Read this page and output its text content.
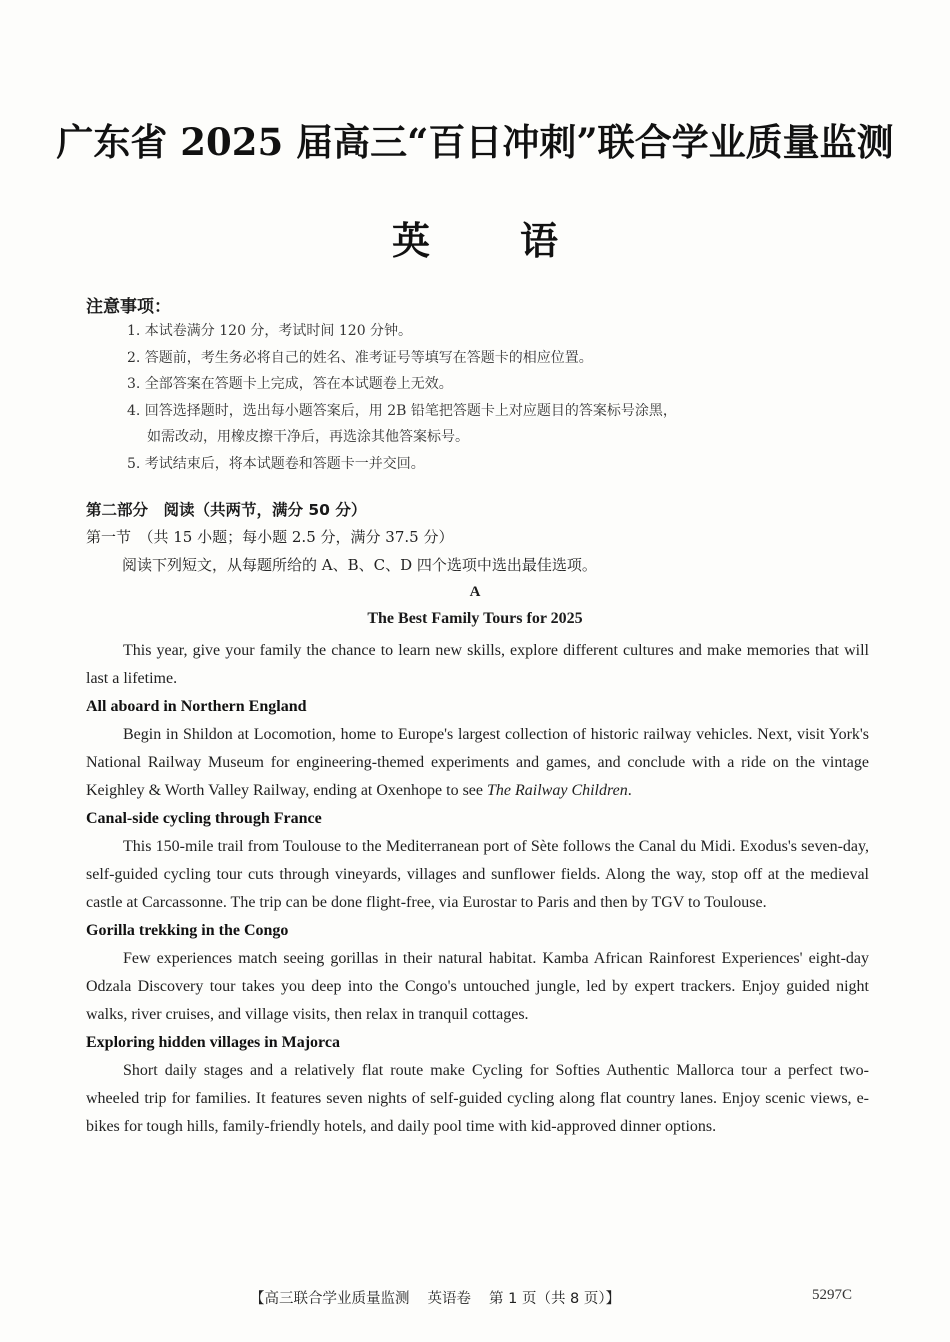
广东省 2025 届高三“百日冲刺”联合学业质量监测
英 语
注意事项：
1. 本试卷满分 120 分，考试时间 120 分钟。
2. 答题前，考生务必将自己的姓名、准考证号等填写在答题卡的相应位置。
3. 全部答案在答题卡上完成，答在本试题卷上无效。
4. 回答选择题时，选出每小题答案后，用 2B 铅笔把答题卡上对应题目的答案标号涂黑，
如需改动，用橡皮擦干净后，再选涂其他答案标号。
5. 考试结束后，将本试题卷和答题卡一并交回。
第二部分　阅读（共两节，满分 50 分）
第一节　（共 15 小题；每小题 2.5 分，满分 37.5 分）
阅读下列短文，从每题所给的 A、B、C、D 四个选项中选出最佳选项。
A
The Best Family Tours for 2025

This year, give your family the chance to learn new skills, explore different cultures and make memories that will last a lifetime.

All aboard in Northern England

Begin in Shildon at Locomotion, home to Europe's largest collection of historic railway vehicles. Next, visit York's National Railway Museum for engineering-themed experiments and games, and conclude with a ride on the vintage Keighley & Worth Valley Railway, ending at Oxenhope to see The Railway Children.

Canal-side cycling through France

This 150-mile trail from Toulouse to the Mediterranean port of Sète follows the Canal du Midi. Exodus's seven-day, self-guided cycling tour cuts through vineyards, villages and sunflower fields. Along the way, stop off at the medieval castle at Carcassonne. The trip can be done flight-free, via Eurostar to Paris and then by TGV to Toulouse.

Gorilla trekking in the Congo

Few experiences match seeing gorillas in their natural habitat. Kamba African Rainforest Experiences' eight-day Odzala Discovery tour takes you deep into the Congo's untouched jungle, led by expert trackers. Enjoy guided night walks, river cruises, and village visits, then relax in tranquil cottages.

Exploring hidden villages in Majorca

Short daily stages and a relatively flat route make Cycling for Softies Authentic Mallorca tour a perfect two-wheeled trip for families. It features seven nights of self-guided cycling along flat country lanes. Enjoy scenic views, e-bikes for tough hills, family-friendly hotels, and daily pool time with kid-approved dinner options.

【高三联合学业质量监测 英语卷 第 1 页（共 8 页）】	5297C
